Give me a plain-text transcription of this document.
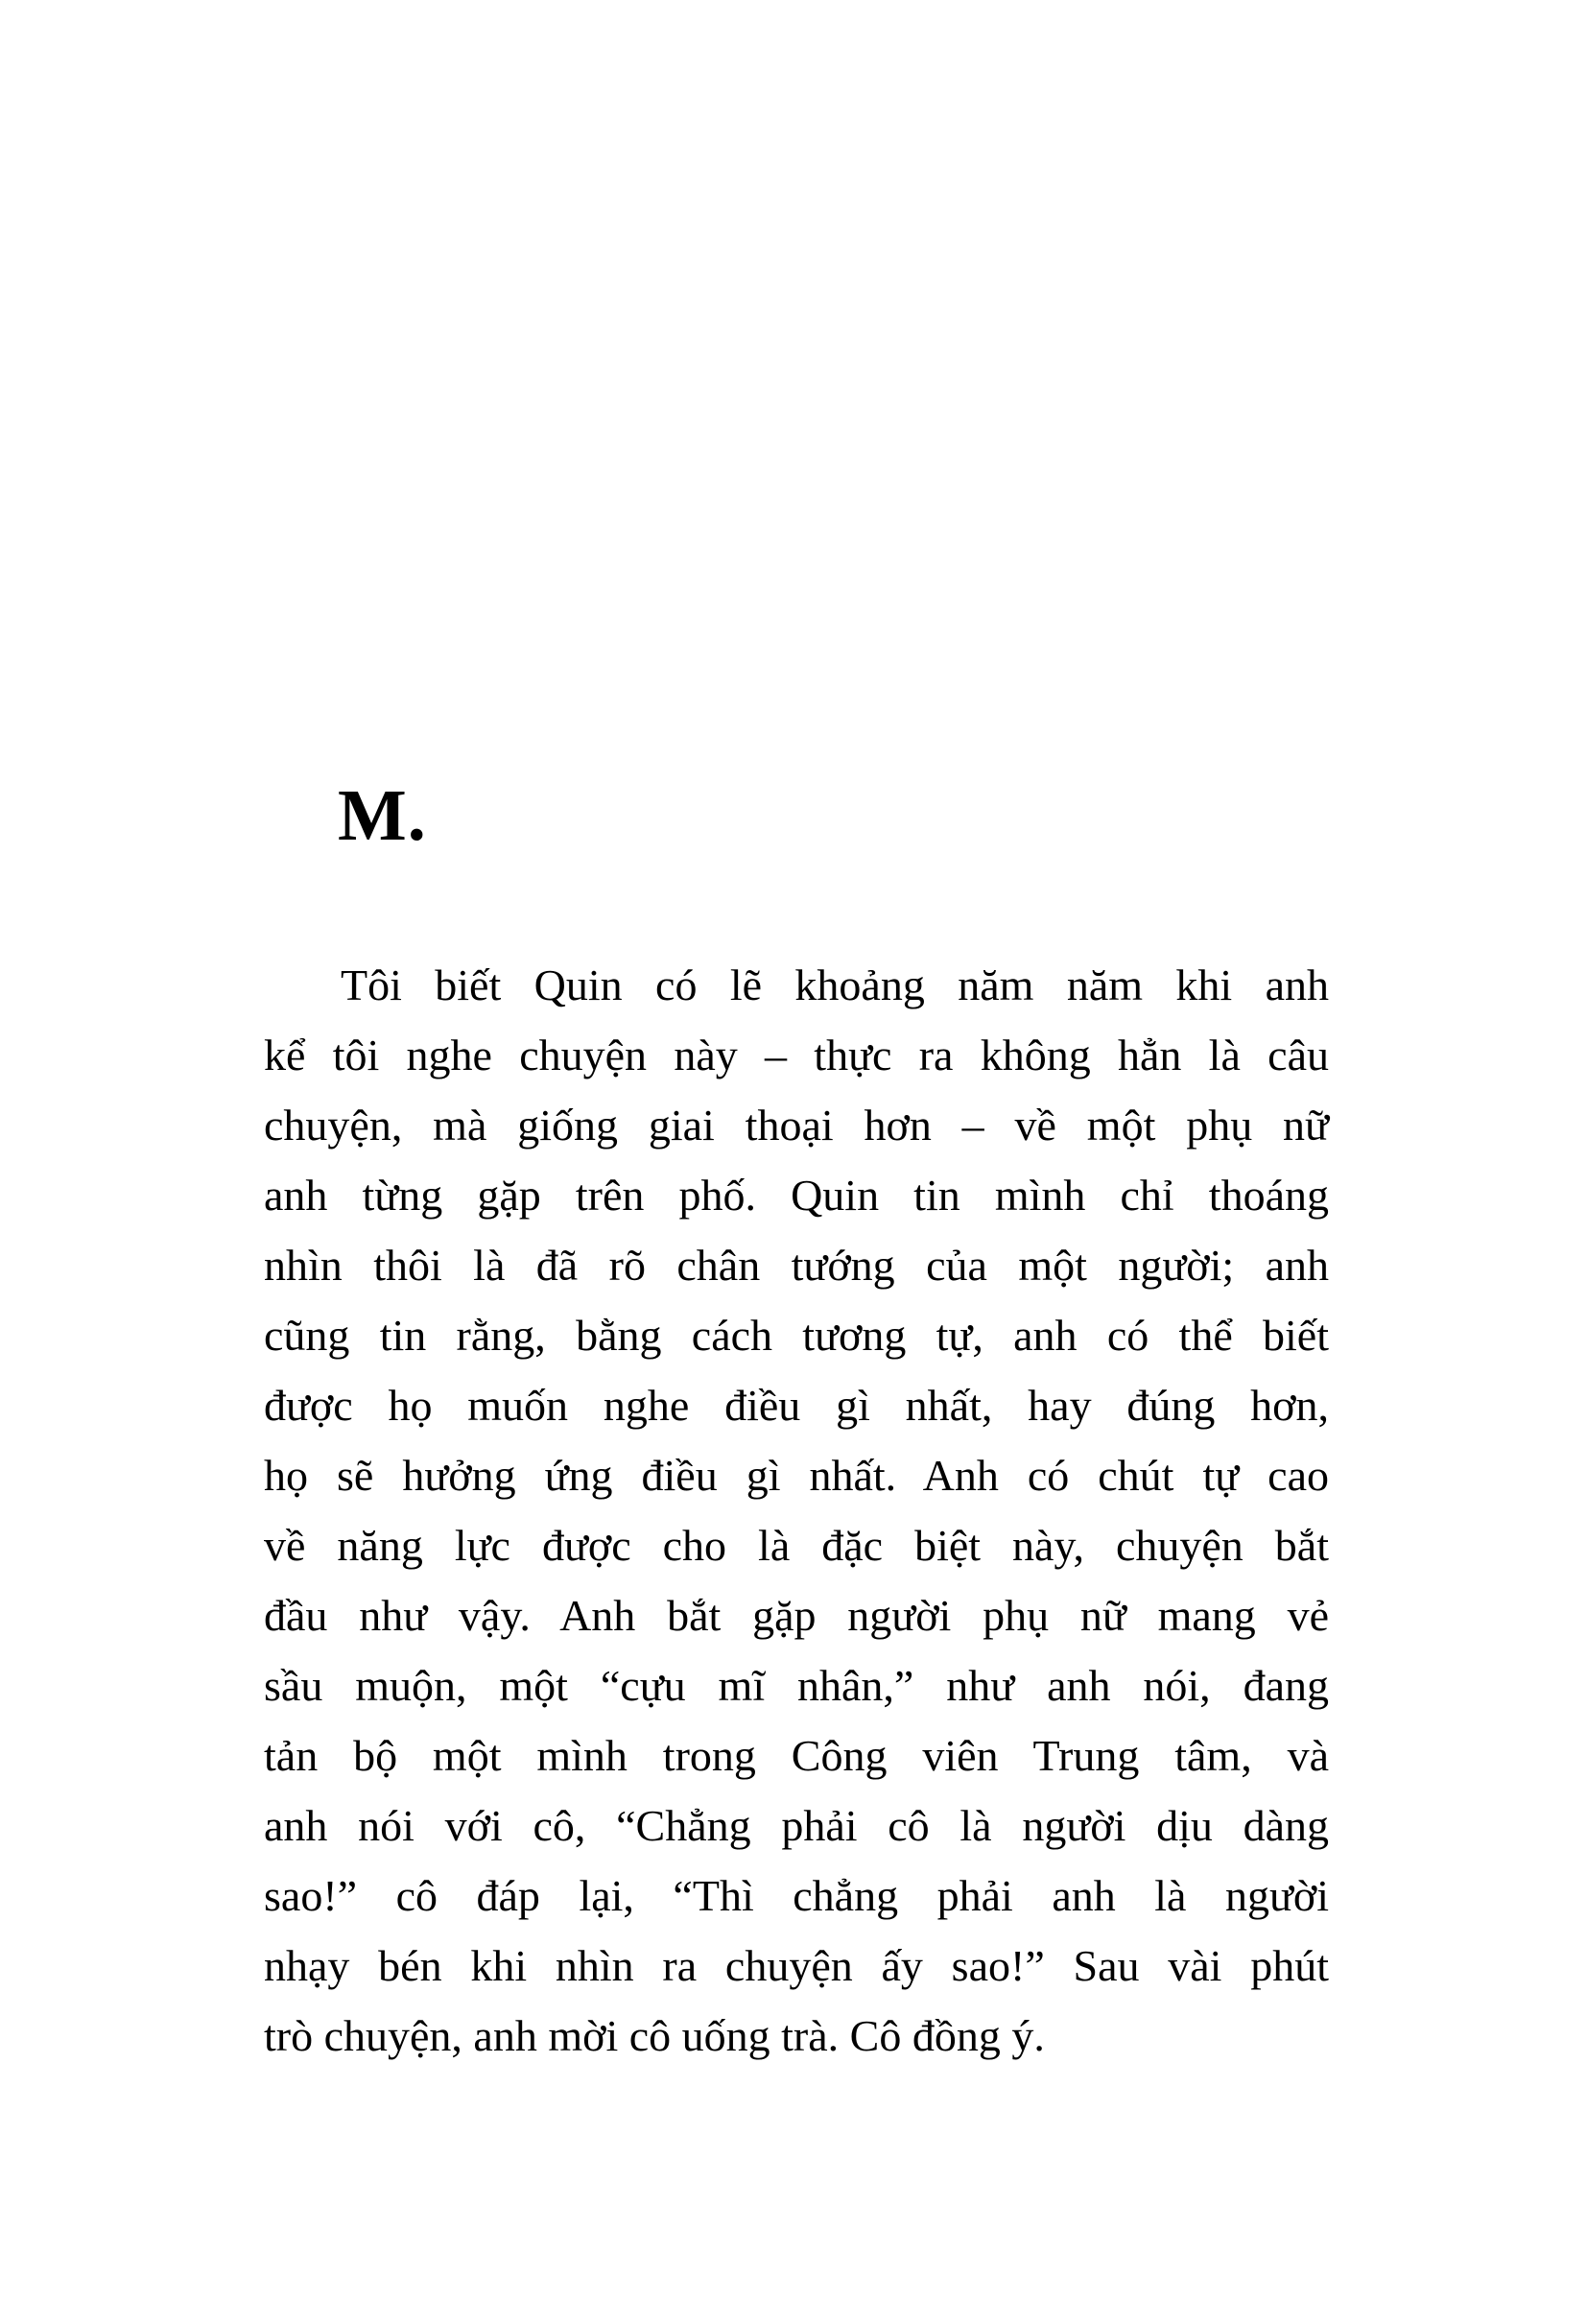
M.
Tôi biết Quin có lẽ khoảng năm năm khi anh
kể tôi nghe chuyện này – thực ra không hẳn là câu
chuyện, mà giống giai thoại hơn – về một phụ nữ
anh từng gặp trên phố. Quin tin mình chỉ thoáng
nhìn thôi là đã rõ chân tướng của một người; anh
cũng tin rằng, bằng cách tương tự, anh có thể biết
được họ muốn nghe điều gì nhất, hay đúng hơn,
họ sẽ hưởng ứng điều gì nhất. Anh có chút tự cao
về năng lực được cho là đặc biệt này, chuyện bắt
đầu như vậy. Anh bắt gặp người phụ nữ mang vẻ
sầu muộn, một “cựu mĩ nhân,” như anh nói, đang
tản bộ một mình trong Công viên Trung tâm, và
anh nói với cô, “Chẳng phải cô là người dịu dàng
sao!” cô đáp lại, “Thì chẳng phải anh là người
nhạy bén khi nhìn ra chuyện ấy sao!” Sau vài phút
trò chuyện, anh mời cô uống trà. Cô đồng ý.
